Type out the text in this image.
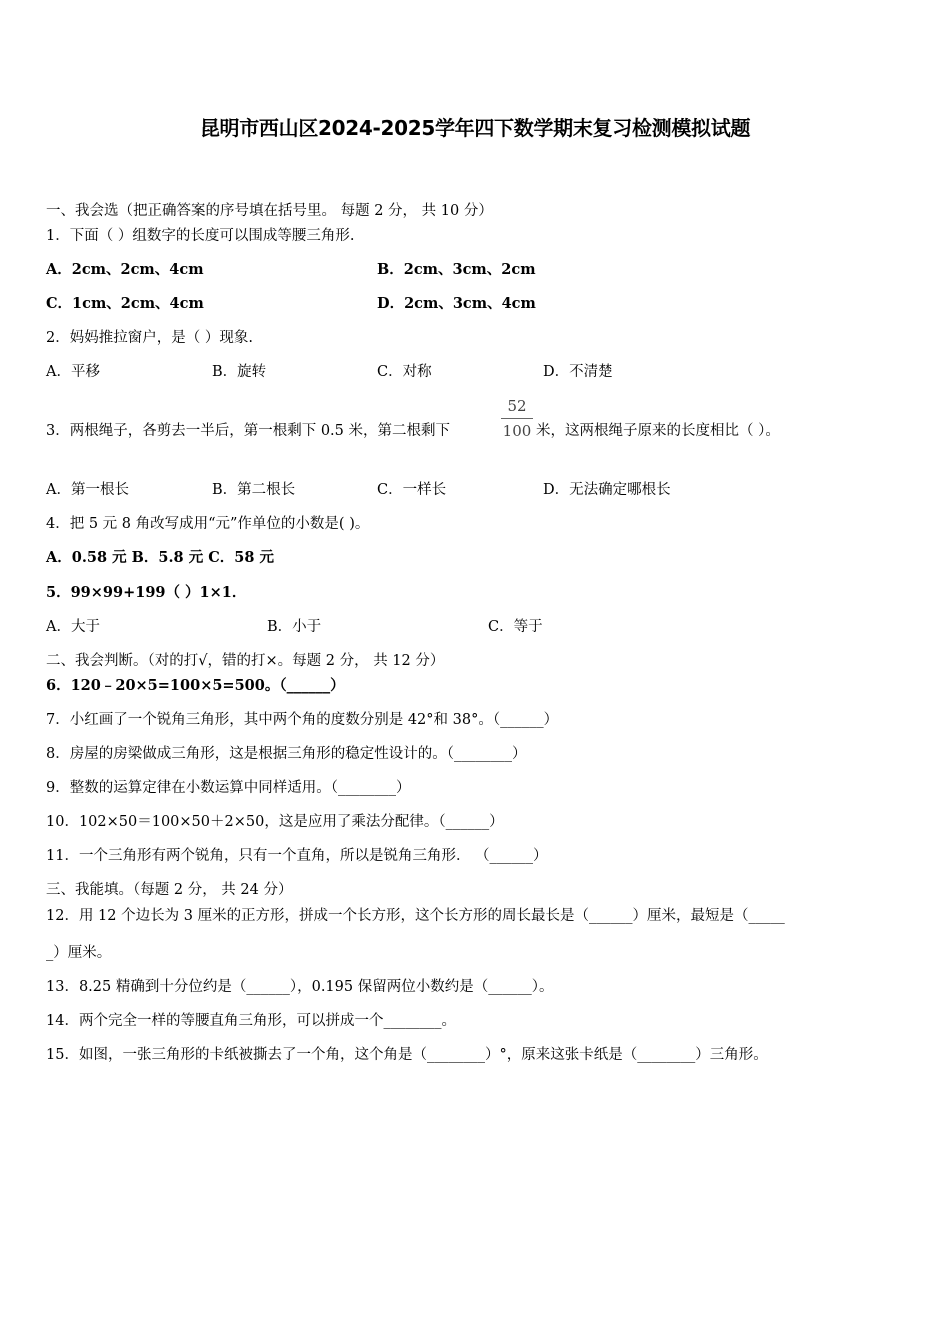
昆明市西山区2024-2025学年四下数学期末复习检测模拟试题
一、我会选（把正确答案的序号填在括号里。 每题 2 分， 共 10 分）
1．下面（ ）组数字的长度可以围成等腰三角形.
A．2cm、2cm、4cm	B．2cm、3cm、2cm
C．1cm、2cm、4cm	D．2cm、3cm、4cm
2．妈妈推拉窗户，是（ ）现象.
A．平移	B．旋转	C．对称	D．不清楚
3．两根绳子，各剪去一半后，第一根剩下 0.5 米，第二根剩下
52
100 米，这两根绳子原来的长度相比（ ）。
A．第一根长	B．第二根长	C．一样长	D．无法确定哪根长
4．把 5 元 8 角改写成用“元”作单位的小数是( )。
A．0.58 元 B．5.8 元 C．58 元
5．99×99+199（ ）1×1．
A．大于	B．小于	C．等于
二、我会判断。（对的打√，错的打×。每题 2 分， 共 12 分）
6．120﹣20×5=100×5=500。（______）
7．小红画了一个锐角三角形，其中两个角的度数分别是 42°和 38°。（______）
8．房屋的房梁做成三角形，这是根据三角形的稳定性设计的。（________）
9．整数的运算定律在小数运算中同样适用。（________）
10．102×50＝100×50＋2×50，这是应用了乘法分配律。（______）
11．一个三角形有两个锐角，只有一个直角，所以是锐角三角形． （______）
三、我能填。（每题 2 分， 共 24 分）
12．用 12 个边长为 3 厘米的正方形，拼成一个长方形，这个长方形的周长最长是（______）厘米，最短是（_____
_）厘米。
13．8.25 精确到十分位约是（______），0.195 保留两位小数约是（______）。
14．两个完全一样的等腰直角三角形，可以拼成一个________。
15．如图，一张三角形的卡纸被撕去了一个角，这个角是（________）°，原来这张卡纸是（________）三角形。
